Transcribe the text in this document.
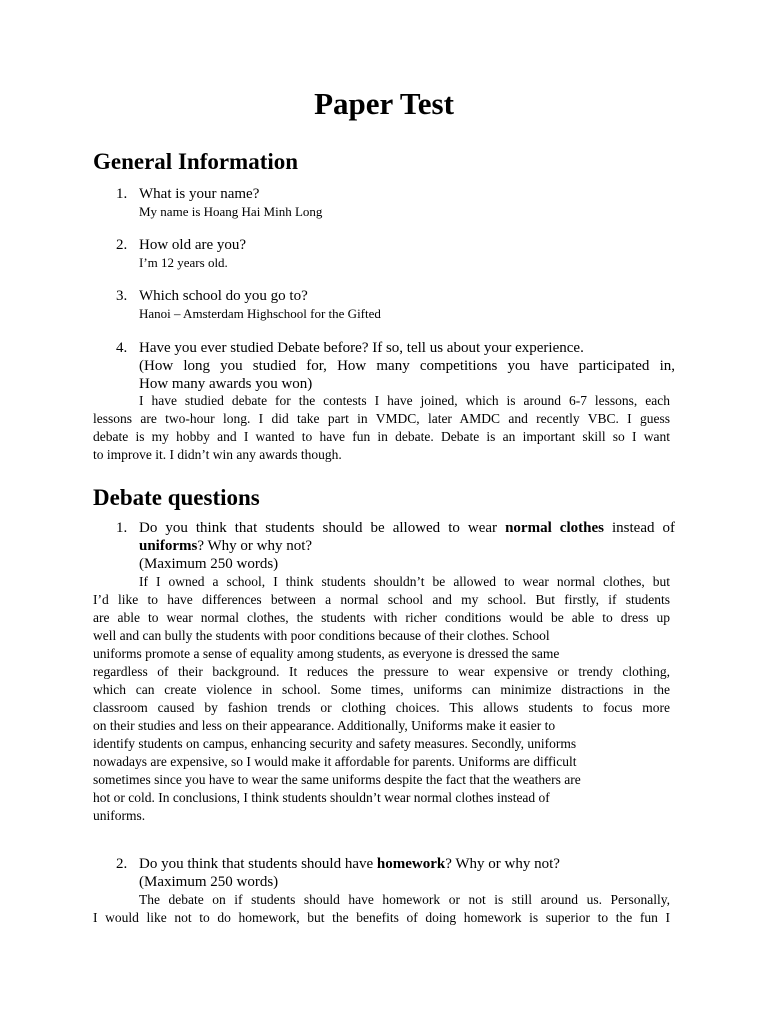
Paper Test
General Information
1. What is your name?
My name is Hoang Hai Minh Long
2. How old are you?
I’m 12 years old.
3. Which school do you go to?
Hanoi – Amsterdam Highschool for the Gifted
4. Have you ever studied Debate before? If so, tell us about your experience.
(How long you studied for, How many competitions you have participated in,
How many awards you won)
I have studied debate for the contests I have joined, which is around 6-7 lessons, each
lessons are two-hour long. I did take part in VMDC, later AMDC and recently VBC. I guess
debate is my hobby and I wanted to have fun in debate. Debate is an important skill so I want
to improve it. I didn’t win any awards though.
Debate questions
1. Do you think that students should be allowed to wear normal clothes instead of uniforms? Why or why not?
(Maximum 250 words)
If I owned a school, I think students shouldn’t be allowed to wear normal clothes, but
I’d like to have differences between a normal school and my school. But firstly, if students
are able to wear normal clothes, the students with richer conditions would be able to dress up
well and can bully the students with poor conditions because of their clothes. School
uniforms promote a sense of equality among students, as everyone is dressed the same
regardless of their background. It reduces the pressure to wear expensive or trendy clothing,
which can create violence in school. Some times, uniforms can minimize distractions in the
classroom caused by fashion trends or clothing choices. This allows students to focus more
on their studies and less on their appearance. Additionally, Uniforms make it easier to
identify students on campus, enhancing security and safety measures. Secondly, uniforms
nowadays are expensive, so I would make it affordable for parents. Uniforms are difficult
sometimes since you have to wear the same uniforms despite the fact that the weathers are
hot or cold. In conclusions, I think students shouldn’t wear normal clothes instead of
uniforms.
2. Do you think that students should have homework? Why or why not?
(Maximum 250 words)
The debate on if students should have homework or not is still around us. Personally,
I would like not to do homework, but the benefits of doing homework is superior to the fun I
